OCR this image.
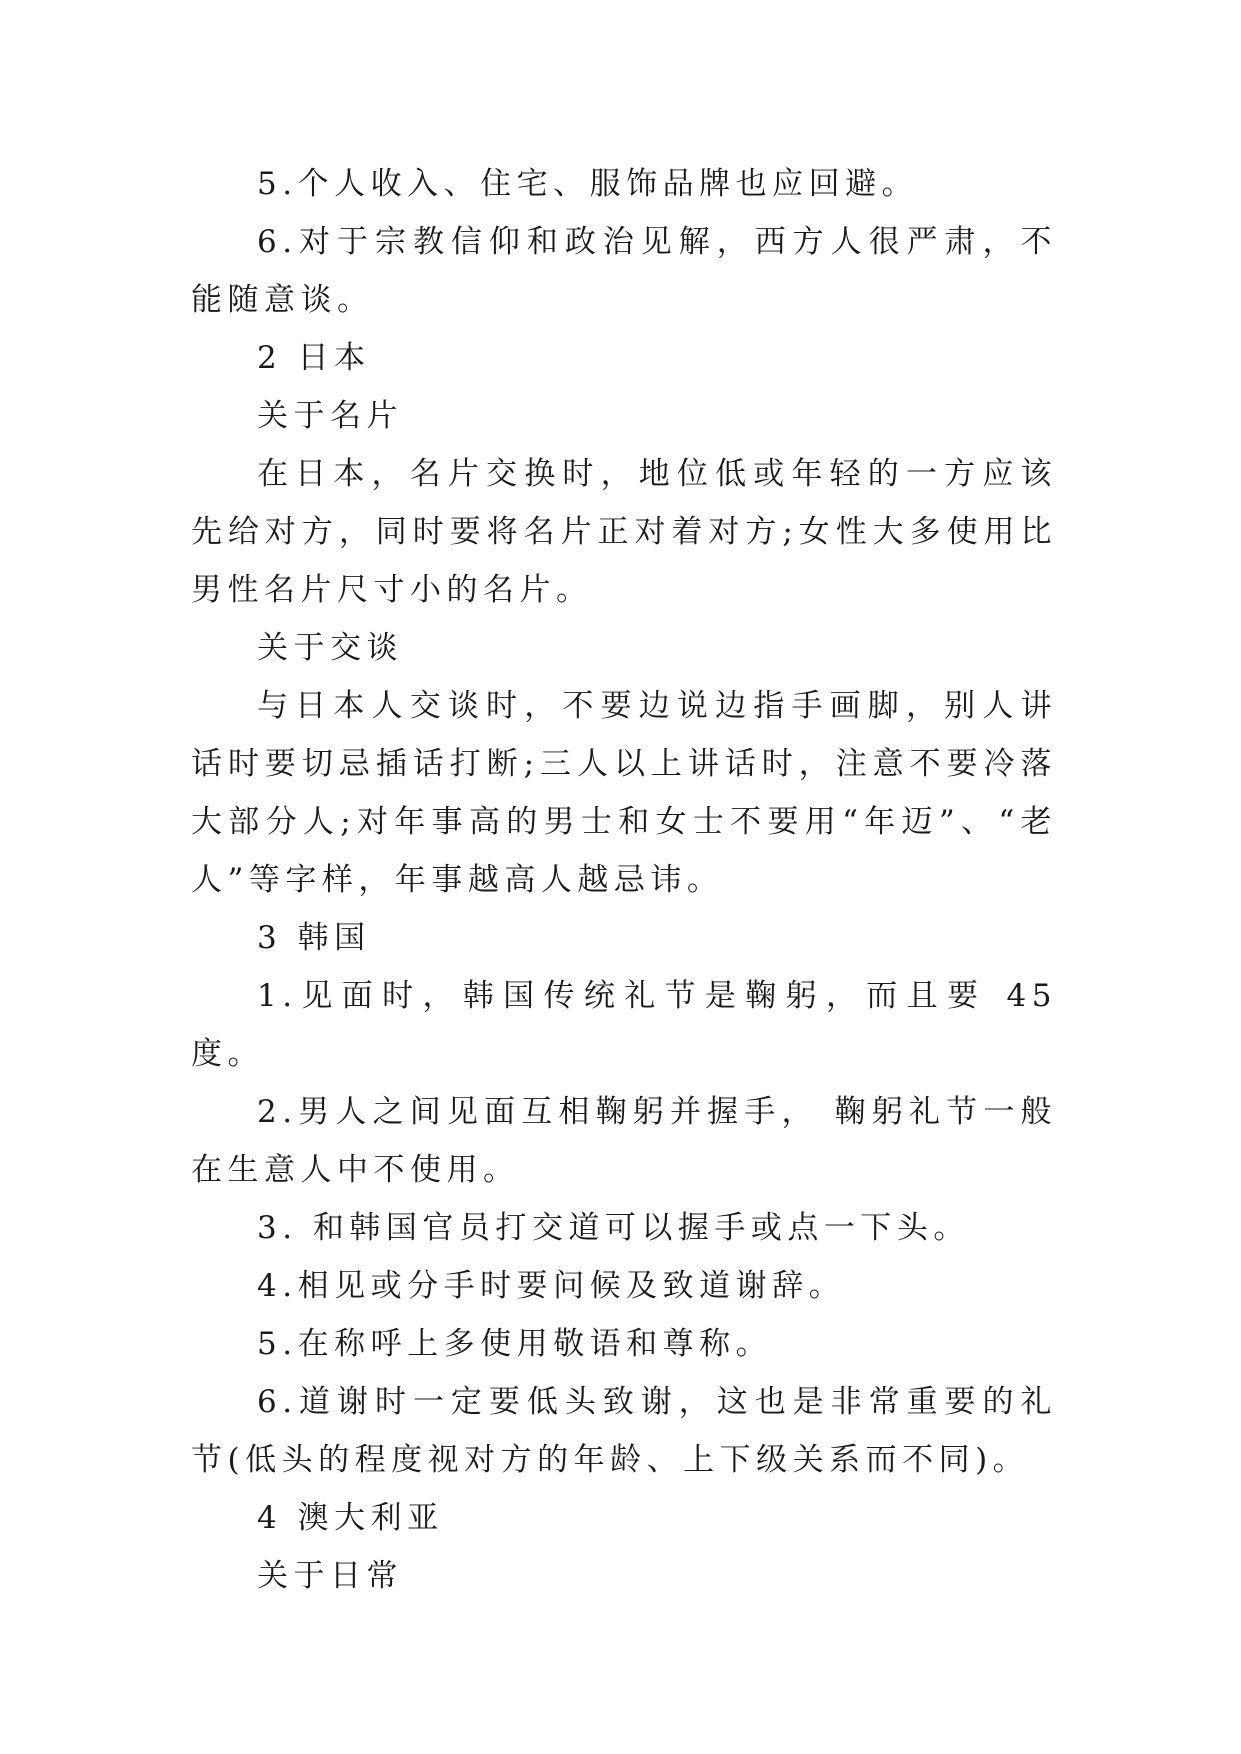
5.个人收入、住宅、服饰品牌也应回避。

6.对于宗教信仰和政治见解，西方人很严肃，不能随意谈。

2 日本

关于名片

在日本，名片交换时，地位低或年轻的一方应该先给对方，同时要将名片正对着对方;女性大多使用比男性名片尺寸小的名片。

关于交谈

与日本人交谈时，不要边说边指手画脚，别人讲话时要切忌插话打断;三人以上讲话时，注意不要冷落大部分人;对年事高的男士和女士不要用“年迈”、“老人”等字样，年事越高人越忌讳。

3 韩国

1.见面时，韩国传统礼节是鞠躬，而且要 45 度。

2.男人之间见面互相鞠躬并握手， 鞠躬礼节一般在生意人中不使用。

3. 和韩国官员打交道可以握手或点一下头。

4.相见或分手时要问候及致道谢辞。

5.在称呼上多使用敬语和尊称。

6.道谢时一定要低头致谢，这也是非常重要的礼节(低头的程度视对方的年龄、上下级关系而不同)。

4 澳大利亚

关于日常
